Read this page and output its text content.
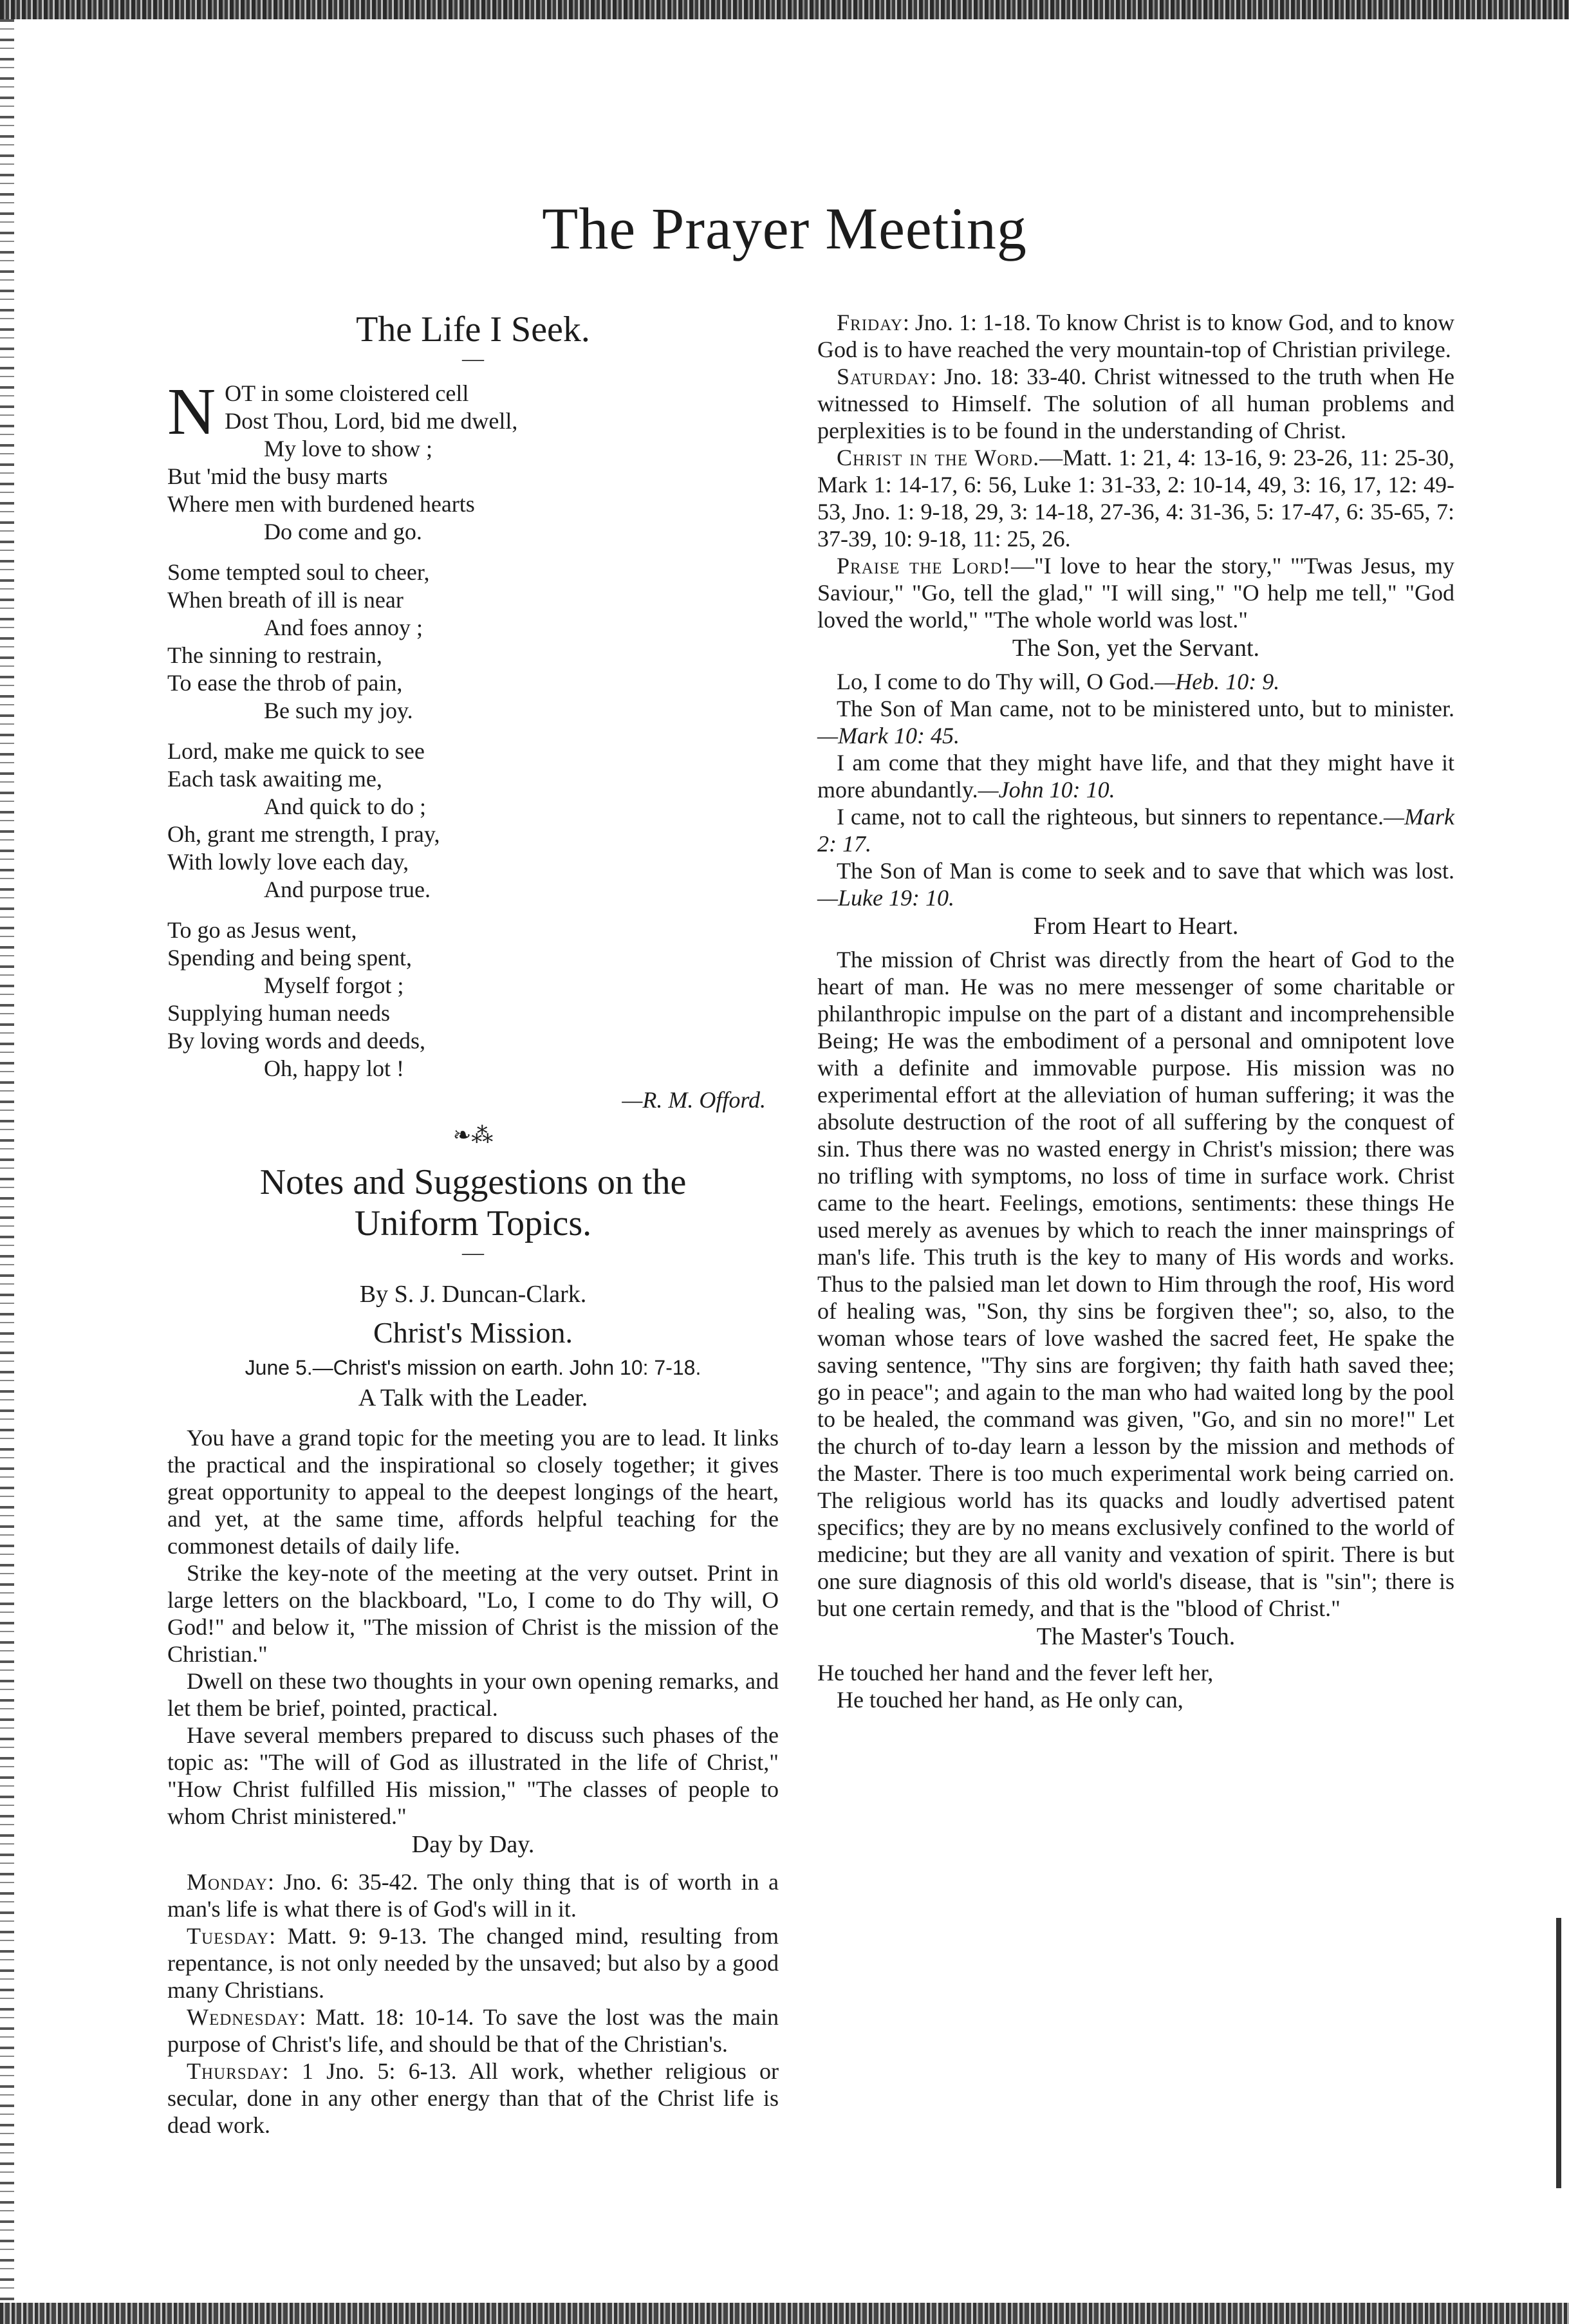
The Prayer Meeting
The Life I Seek.
—
N OT in some cloistered cell
Dost Thou, Lord, bid me dwell,
My love to show ;
But 'mid the busy marts
Where men with burdened hearts
Do come and go.
Some tempted soul to cheer,
When breath of ill is near
And foes annoy ;
The sinning to restrain,
To ease the throb of pain,
Be such my joy.
Lord, make me quick to see
Each task awaiting me,
And quick to do ;
Oh, grant me strength, I pray,
With lowly love each day,
And purpose true.
To go as Jesus went,
Spending and being spent,
Myself forgot ;
Supplying human needs
By loving words and deeds,
Oh, happy lot !
—R. M. Offord.
❧⁂
Notes and Suggestions on the
Uniform Topics.
—
By S. J. Duncan-Clark.
Christ's Mission.
June 5.—Christ's mission on earth. John 10: 7-18.
A Talk with the Leader.

You have a grand topic for the meeting you are to lead. It links the practical and the inspirational so closely together; it gives great opportunity to appeal to the deepest longings of the heart, and yet, at the same time, affords helpful teaching for the commonest details of daily life.

Strike the key-note of the meeting at the very outset. Print in large letters on the blackboard, "Lo, I come to do Thy will, O God!" and below it, "The mission of Christ is the mission of the Christian."

Dwell on these two thoughts in your own opening remarks, and let them be brief, pointed, practical.

Have several members prepared to discuss such phases of the topic as: "The will of God as illustrated in the life of Christ," "How Christ fulfilled His mission," "The classes of people to whom Christ ministered."

Day by Day.

Monday: Jno. 6: 35-42. The only thing that is of worth in a man's life is what there is of God's will in it.

Tuesday: Matt. 9: 9-13. The changed mind, resulting from repentance, is not only needed by the unsaved; but also by a good many Christians.

Wednesday: Matt. 18: 10-14. To save the lost was the main purpose of Christ's life, and should be that of the Christian's.

Thursday: 1 Jno. 5: 6-13. All work, whether religious or secular, done in any other energy than that of the Christ life is dead work.

Friday: Jno. 1: 1-18. To know Christ is to know God, and to know God is to have reached the very mountain-top of Christian privilege.

Saturday: Jno. 18: 33-40. Christ witnessed to the truth when He witnessed to Himself. The solution of all human problems and perplexities is to be found in the understanding of Christ.

Christ in the Word.—Matt. 1: 21, 4: 13-16, 9: 23-26, 11: 25-30, Mark 1: 14-17, 6: 56, Luke 1: 31-33, 2: 10-14, 49, 3: 16, 17, 12: 49-53, Jno. 1: 9-18, 29, 3: 14-18, 27-36, 4: 31-36, 5: 17-47, 6: 35-65, 7: 37-39, 10: 9-18, 11: 25, 26.

Praise the Lord!—"I love to hear the story," "'Twas Jesus, my Saviour," "Go, tell the glad," "I will sing," "O help me tell," "God loved the world," "The whole world was lost."

The Son, yet the Servant.

Lo, I come to do Thy will, O God.—Heb. 10: 9.

The Son of Man came, not to be ministered unto, but to minister.—Mark 10: 45.

I am come that they might have life, and that they might have it more abundantly.—John 10: 10.

I came, not to call the righteous, but sinners to repentance.—Mark 2: 17.

The Son of Man is come to seek and to save that which was lost.—Luke 19: 10.

From Heart to Heart.

The mission of Christ was directly from the heart of God to the heart of man. He was no mere messenger of some charitable or philanthropic impulse on the part of a distant and incomprehensible Being; He was the embodiment of a personal and omnipotent love with a definite and immovable purpose. His mission was no experimental effort at the alleviation of human suffering; it was the absolute destruction of the root of all suffering by the conquest of sin. Thus there was no wasted energy in Christ's mission; there was no trifling with symptoms, no loss of time in surface work. Christ came to the heart. Feelings, emotions, sentiments: these things He used merely as avenues by which to reach the inner mainsprings of man's life. This truth is the key to many of His words and works. Thus to the palsied man let down to Him through the roof, His word of healing was, "Son, thy sins be forgiven thee"; so, also, to the woman whose tears of love washed the sacred feet, He spake the saving sentence, "Thy sins are forgiven; thy faith hath saved thee; go in peace"; and again to the man who had waited long by the pool to be healed, the command was given, "Go, and sin no more!" Let the church of to-day learn a lesson by the mission and methods of the Master. There is too much experimental work being carried on. The religious world has its quacks and loudly advertised patent specifics; they are by no means exclusively confined to the world of medicine; but they are all vanity and vexation of spirit. There is but one sure diagnosis of this old world's disease, that is "sin"; there is but one certain remedy, and that is the "blood of Christ."

The Master's Touch.
He touched her hand and the fever left her,
He touched her hand, as He only can,
